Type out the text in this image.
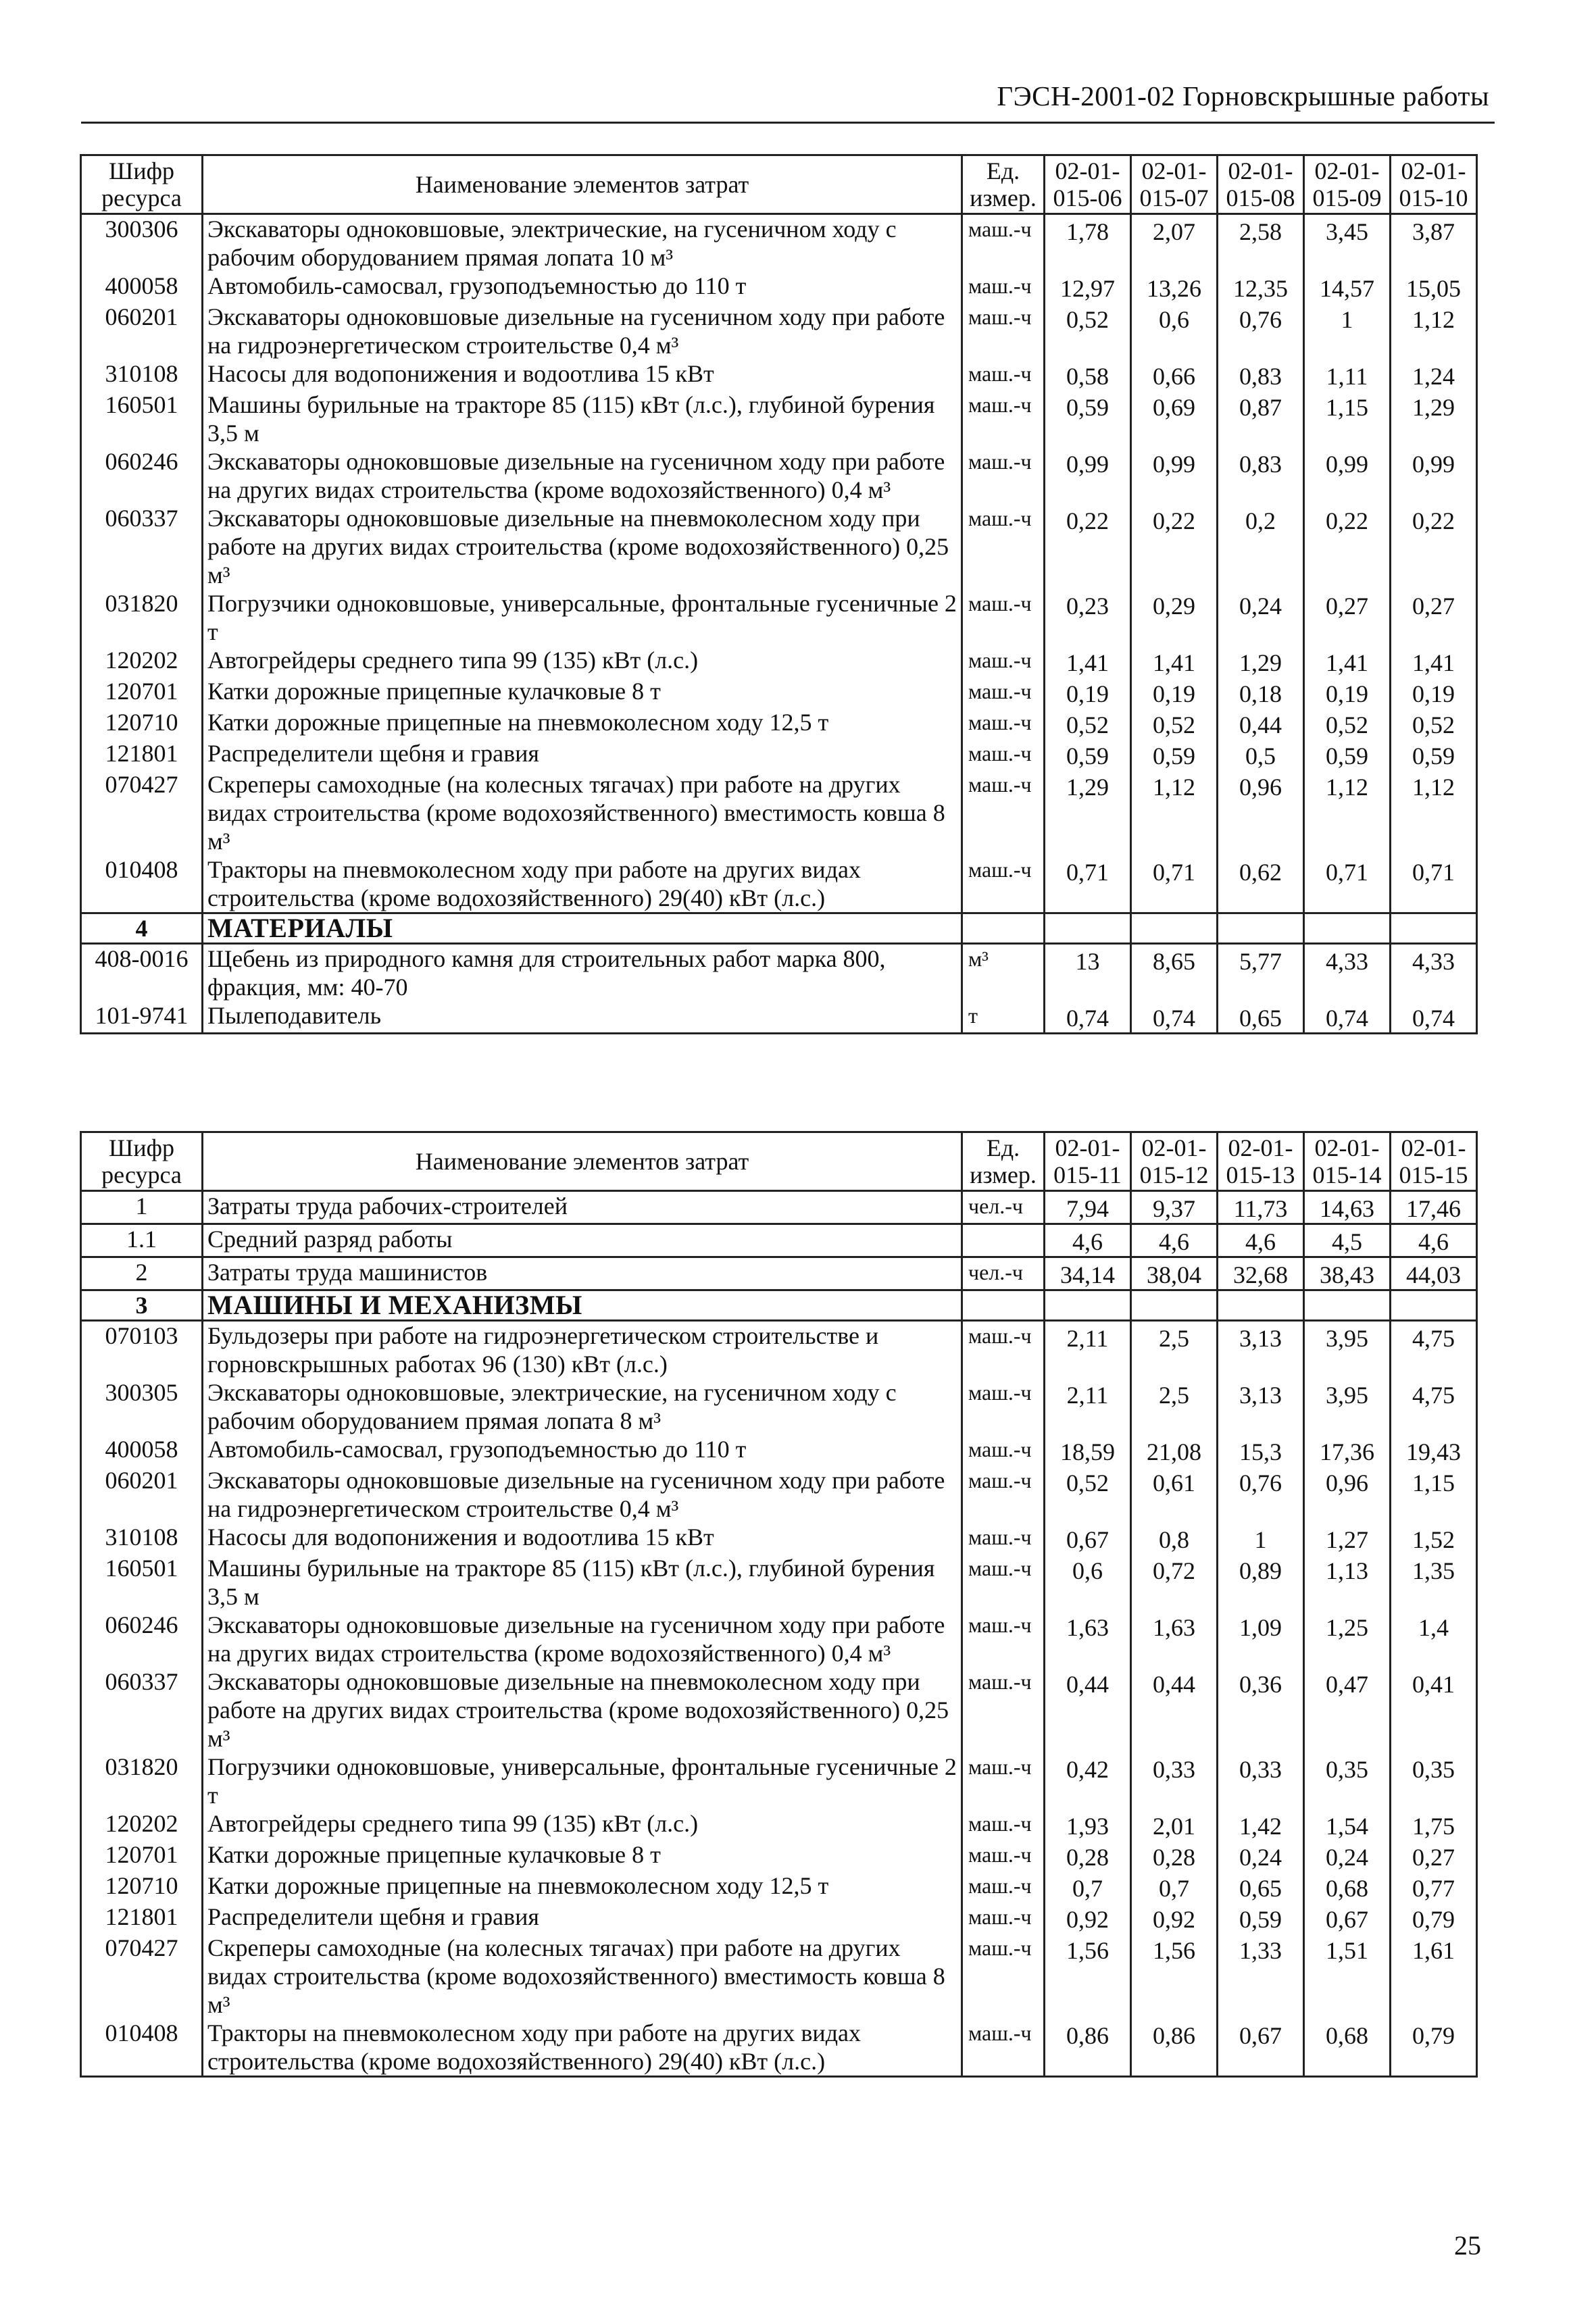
ГЭСН-2001-02 Горновскрышные работы
Шифр ресурса	Наименование элементов затрат	Ед. измер.	02-01-015-06	02-01-015-07	02-01-015-08	02-01-015-09	02-01-015-10
300306	Экскаваторы одноковшовые, электрические, на гусеничном ходу с рабочим оборудованием прямая лопата 10 м³	маш.-ч	1,78	2,07	2,58	3,45	3,87
400058	Автомобиль-самосвал, грузоподъемностью до 110 т	маш.-ч	12,97	13,26	12,35	14,57	15,05
060201	Экскаваторы одноковшовые дизельные на гусеничном ходу при работе на гидроэнергетическом строительстве 0,4 м³	маш.-ч	0,52	0,6	0,76	1	1,12
310108	Насосы для водопонижения и водоотлива 15 кВт	маш.-ч	0,58	0,66	0,83	1,11	1,24
160501	Машины бурильные на тракторе 85 (115) кВт (л.с.), глубиной бурения 3,5 м	маш.-ч	0,59	0,69	0,87	1,15	1,29
060246	Экскаваторы одноковшовые дизельные на гусеничном ходу при работе на других видах строительства (кроме водохозяйственного) 0,4 м³	маш.-ч	0,99	0,99	0,83	0,99	0,99
060337	Экскаваторы одноковшовые дизельные на пневмоколесном ходу при работе на других видах строительства (кроме водохозяйственного) 0,25 м³	маш.-ч	0,22	0,22	0,2	0,22	0,22
031820	Погрузчики одноковшовые, универсальные, фронтальные гусеничные 2 т	маш.-ч	0,23	0,29	0,24	0,27	0,27
120202	Автогрейдеры среднего типа 99 (135) кВт (л.с.)	маш.-ч	1,41	1,41	1,29	1,41	1,41
120701	Катки дорожные прицепные кулачковые 8 т	маш.-ч	0,19	0,19	0,18	0,19	0,19
120710	Катки дорожные прицепные на пневмоколесном ходу 12,5 т	маш.-ч	0,52	0,52	0,44	0,52	0,52
121801	Распределители щебня и гравия	маш.-ч	0,59	0,59	0,5	0,59	0,59
070427	Скреперы самоходные (на колесных тягачах) при работе на других видах строительства (кроме водохозяйственного) вместимость ковша 8 м³	маш.-ч	1,29	1,12	0,96	1,12	1,12
010408	Тракторы на пневмоколесном ходу при работе на других видах строительства (кроме водохозяйственного) 29(40) кВт (л.с.)	маш.-ч	0,71	0,71	0,62	0,71	0,71
4	МАТЕРИАЛЫ						
408-0016	Щебень из природного камня для строительных работ марка 800, фракция, мм: 40-70	м³	13	8,65	5,77	4,33	4,33
101-9741	Пылеподавитель	т	0,74	0,74	0,65	0,74	0,74
Шифр ресурса	Наименование элементов затрат	Ед. измер.	02-01-015-11	02-01-015-12	02-01-015-13	02-01-015-14	02-01-015-15
1	Затраты труда рабочих-строителей	чел.-ч	7,94	9,37	11,73	14,63	17,46
1.1	Средний разряд работы		4,6	4,6	4,6	4,5	4,6
2	Затраты труда машинистов	чел.-ч	34,14	38,04	32,68	38,43	44,03
3	МАШИНЫ И МЕХАНИЗМЫ						
070103	Бульдозеры при работе на гидроэнергетическом строительстве и горновскрышных работах 96 (130) кВт (л.с.)	маш.-ч	2,11	2,5	3,13	3,95	4,75
300305	Экскаваторы одноковшовые, электрические, на гусеничном ходу с рабочим оборудованием прямая лопата 8 м³	маш.-ч	2,11	2,5	3,13	3,95	4,75
400058	Автомобиль-самосвал, грузоподъемностью до 110 т	маш.-ч	18,59	21,08	15,3	17,36	19,43
060201	Экскаваторы одноковшовые дизельные на гусеничном ходу при работе на гидроэнергетическом строительстве 0,4 м³	маш.-ч	0,52	0,61	0,76	0,96	1,15
310108	Насосы для водопонижения и водоотлива 15 кВт	маш.-ч	0,67	0,8	1	1,27	1,52
160501	Машины бурильные на тракторе 85 (115) кВт (л.с.), глубиной бурения 3,5 м	маш.-ч	0,6	0,72	0,89	1,13	1,35
060246	Экскаваторы одноковшовые дизельные на гусеничном ходу при работе на других видах строительства (кроме водохозяйственного) 0,4 м³	маш.-ч	1,63	1,63	1,09	1,25	1,4
060337	Экскаваторы одноковшовые дизельные на пневмоколесном ходу при работе на других видах строительства (кроме водохозяйственного) 0,25 м³	маш.-ч	0,44	0,44	0,36	0,47	0,41
031820	Погрузчики одноковшовые, универсальные, фронтальные гусеничные 2 т	маш.-ч	0,42	0,33	0,33	0,35	0,35
120202	Автогрейдеры среднего типа 99 (135) кВт (л.с.)	маш.-ч	1,93	2,01	1,42	1,54	1,75
120701	Катки дорожные прицепные кулачковые 8 т	маш.-ч	0,28	0,28	0,24	0,24	0,27
120710	Катки дорожные прицепные на пневмоколесном ходу 12,5 т	маш.-ч	0,7	0,7	0,65	0,68	0,77
121801	Распределители щебня и гравия	маш.-ч	0,92	0,92	0,59	0,67	0,79
070427	Скреперы самоходные (на колесных тягачах) при работе на других видах строительства (кроме водохозяйственного) вместимость ковша 8 м³	маш.-ч	1,56	1,56	1,33	1,51	1,61
010408	Тракторы на пневмоколесном ходу при работе на других видах строительства (кроме водохозяйственного) 29(40) кВт (л.с.)	маш.-ч	0,86	0,86	0,67	0,68	0,79
25
